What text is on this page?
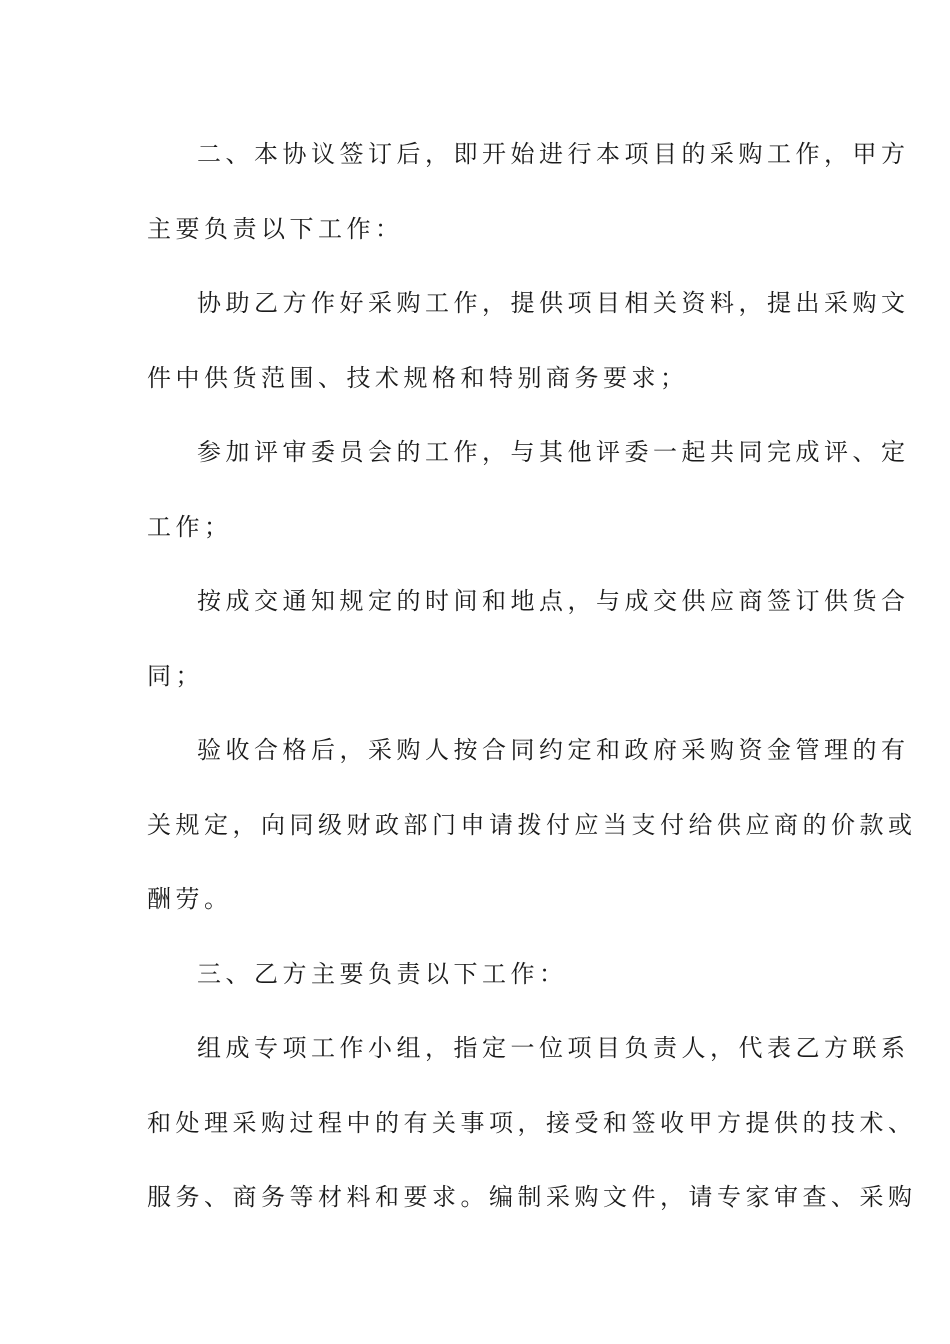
二、本协议签订后，即开始进行本项目的采购工作，甲方
主要负责以下工作：
协助乙方作好采购工作，提供项目相关资料，提出采购文
件中供货范围、技术规格和特别商务要求；
参加评审委员会的工作，与其他评委一起共同完成评、定
工作；
按成交通知规定的时间和地点，与成交供应商签订供货合
同；
验收合格后，采购人按合同约定和政府采购资金管理的有
关规定，向同级财政部门申请拨付应当支付给供应商的价款或
酬劳。
三、乙方主要负责以下工作：
组成专项工作小组，指定一位项目负责人，代表乙方联系
和处理采购过程中的有关事项，接受和签收甲方提供的技术、
服务、商务等材料和要求。编制采购文件，请专家审查、采购
